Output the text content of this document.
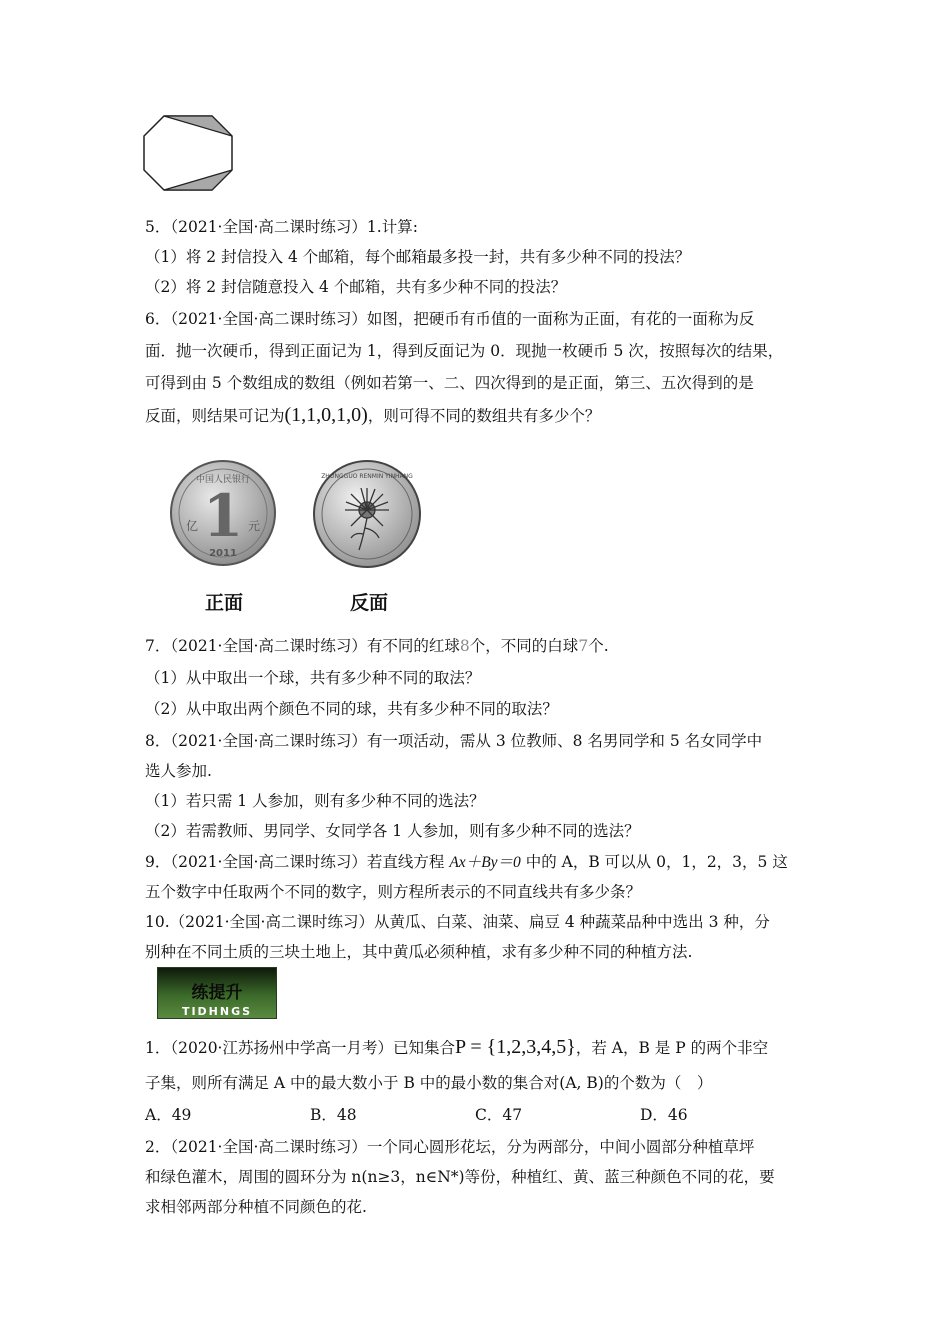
5．（2021·全国·高二课时练习）1.计算:
（1）将 2 封信投入 4 个邮箱，每个邮箱最多投一封，共有多少种不同的投法？
（2）将 2 封信随意投入 4 个邮箱，共有多少种不同的投法？
6．（2021·全国·高二课时练习）如图，把硬币有币值的一面称为正面，有花的一面称为反
面．抛一次硬币，得到正面记为 1，得到反面记为 0．现抛一枚硬币 5 次，按照每次的结果，
可得到由 5 个数组成的数组（例如若第一、二、四次得到的是正面，第三、五次得到的是
反面，则结果可记为(1,1,0,1,0)，则可得不同的数组共有多少个？
中国人民银行
1
亿	元
2011
ZHONGGUO RENMIN YINHANG
正面	反面
7．（2021·全国·高二课时练习）有不同的红球8个，不同的白球7个.
（1）从中取出一个球，共有多少种不同的取法？
（2）从中取出两个颜色不同的球，共有多少种不同的取法？
8．（2021·全国·高二课时练习）有一项活动，需从 3 位教师、8 名男同学和 5 名女同学中
选人参加.
（1）若只需 1 人参加，则有多少种不同的选法？
（2）若需教师、男同学、女同学各 1 人参加，则有多少种不同的选法？
9．（2021·全国·高二课时练习）若直线方程 Ax＋By＝0 中的 A，B 可以从 0，1，2，3，5 这
五个数字中任取两个不同的数字，则方程所表示的不同直线共有多少条？
10.（2021·全国·高二课时练习）从黄瓜、白菜、油菜、扁豆 4 种蔬菜品种中选出 3 种，分
别种在不同土质的三块土地上，其中黄瓜必须种植，求有多少种不同的种植方法.
练提升
TIDHNGS
1．（2020·江苏扬州中学高一月考）已知集合P = {1,2,3,4,5}，若 A，B 是 P 的两个非空
子集，则所有满足 A 中的最大数小于 B 中的最小数的集合对(A, B)的个数为（　）
A．49	B．48	C．47	D．46
2．（2021·全国·高二课时练习）一个同心圆形花坛，分为两部分，中间小圆部分种植草坪
和绿色灌木，周围的圆环分为 n(n≥3，n∈N*)等份，种植红、黄、蓝三种颜色不同的花，要
求相邻两部分种植不同颜色的花.
